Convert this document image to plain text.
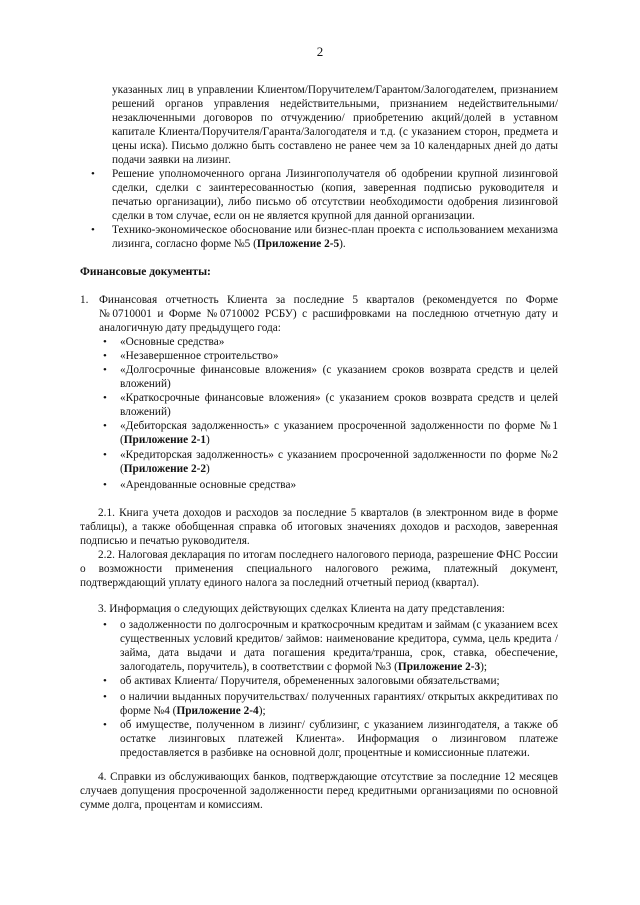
2
указанных лиц в управлении Клиентом/Поручителем/Гарантом/Залогодателем, признанием решений органов управления недействительными, признанием недействительными/незаключенными договоров по отчуждению/ приобретению акций/долей в уставном капитале Клиента/Поручителя/Гаранта/Залогодателя и т.д. (с указанием сторон, предмета и цены иска). Письмо должно быть составлено не ранее чем за 10 календарных дней до даты подачи заявки на лизинг.
• Решение уполномоченного органа Лизингополучателя об одобрении крупной лизинговой сделки, сделки с заинтересованностью (копия, заверенная подписью руководителя и печатью организации), либо письмо об отсутствии необходимости одобрения лизинговой сделки в том случае, если он не является крупной для данной организации.
• Технико-экономическое обоснование или бизнес-план проекта с использованием механизма лизинга, согласно форме №5 (Приложение 2-5).
Финансовые документы:
1. Финансовая отчетность Клиента за последние 5 кварталов (рекомендуется по Форме №0710001 и Форме №0710002 РСБУ) с расшифровками на последнюю отчетную дату и аналогичную дату предыдущего года:
• «Основные средства»
• «Незавершенное строительство»
• «Долгосрочные финансовые вложения» (с указанием сроков возврата средств и целей вложений)
• «Краткосрочные финансовые вложения» (с указанием сроков возврата средств и целей вложений)
• «Дебиторская задолженность» с указанием просроченной задолженности по форме №1 (Приложение 2-1)
• «Кредиторская задолженность» с указанием просроченной задолженности по форме №2 (Приложение 2-2)
• «Арендованные основные средства»
2.1. Книга учета доходов и расходов за последние 5 кварталов (в электронном виде в форме таблицы), а также обобщенная справка об итоговых значениях доходов и расходов, заверенная подписью и печатью руководителя.
2.2. Налоговая декларация по итогам последнего налогового периода, разрешение ФНС России о возможности применения специального налогового режима, платежный документ, подтверждающий уплату единого налога за последний отчетный период (квартал).
3. Информация о следующих действующих сделках Клиента на дату представления:
• о задолженности по долгосрочным и краткосрочным кредитам и займам (с указанием всех существенных условий кредитов/ займов: наименование кредитора, сумма, цель кредита /займа, дата выдачи и дата погашения кредита/транша, срок, ставка, обеспечение, залогодатель, поручитель), в соответствии с формой №3 (Приложение 2-3);
• об активах Клиента/ Поручителя, обремененных залоговыми обязательствами;
• о наличии выданных поручительствах/ полученных гарантиях/ открытых аккредитивах по форме №4 (Приложение 2-4);
• об имуществе, полученном в лизинг/ сублизинг, с указанием лизингодателя, а также об остатке лизинговых платежей Клиента». Информация о лизинговом платеже предоставляется в разбивке на основной долг, процентные и комиссионные платежи.
4. Справки из обслуживающих банков, подтверждающие отсутствие за последние 12 месяцев случаев допущения просроченной задолженности перед кредитными организациями по основной сумме долга, процентам и комиссиям.
